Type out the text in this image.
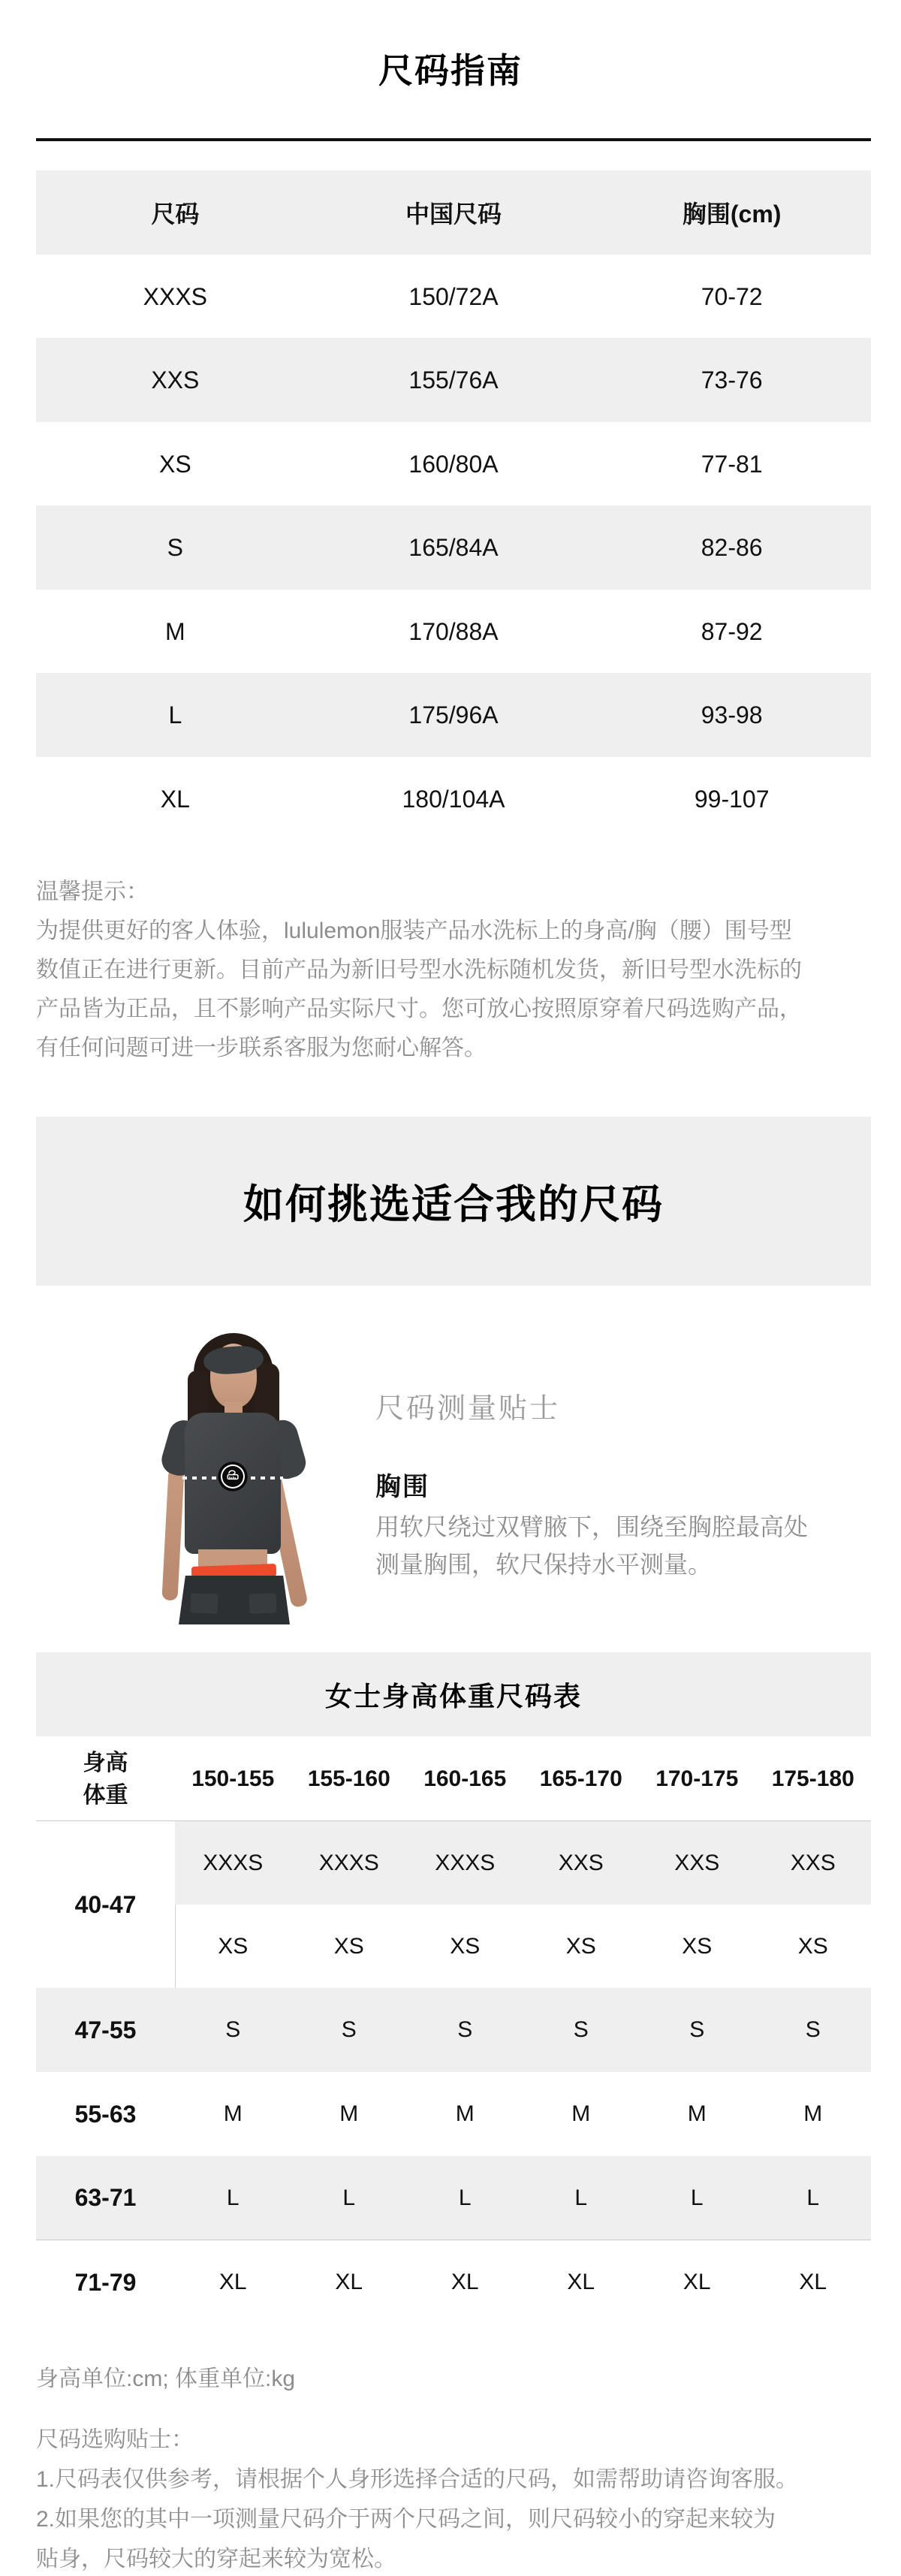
尺码指南
尺码	中国尺码	胸围(cm)
XXXS	150/72A	70-72
XXS	155/76A	73-76
XS	160/80A	77-81
S	165/84A	82-86
M	170/88A	87-92
L	175/96A	93-98
XL	180/104A	99-107
温馨提示：
为提供更好的客人体验，lululemon服装产品水洗标上的身高/胸（腰）围号型
数值正在进行更新。目前产品为新旧号型水洗标随机发货，新旧号型水洗标的
产品皆为正品，且不影响产品实际尺寸。您可放心按照原穿着尺码选购产品，
有任何问题可进一步联系客服为您耐心解答。
如何挑选适合我的尺码
尺码测量贴士
胸围
用软尺绕过双臂腋下，围绕至胸腔最高处
测量胸围，软尺保持水平测量。
女士身高体重尺码表
身高
体重
150-155	155-160	160-165	165-170	170-175	175-180
40-47
XXXS	XXXS	XXXS	XXS	XXS	XXS
XS	XS	XS	XS	XS	XS
47-55	S	S	S	S	S	S
55-63	M	M	M	M	M	M
63-71	L	L	L	L	L	L
71-79	XL	XL	XL	XL	XL	XL
身高单位:cm; 体重单位:kg
尺码选购贴士：
1.尺码表仅供参考，请根据个人身形选择合适的尺码，如需帮助请咨询客服。
2.如果您的其中一项测量尺码介于两个尺码之间，则尺码较小的穿起来较为
贴身，尺码较大的穿起来较为宽松。
